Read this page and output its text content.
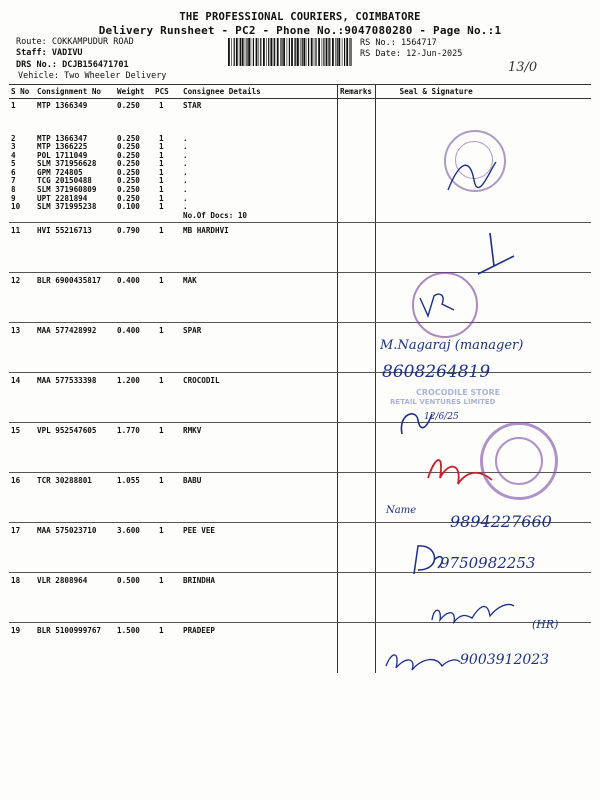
THE PROFESSIONAL COURIERS, COIMBATORE
Delivery Runsheet - PC2 - Phone No.:9047080280 - Page No.:1
Route: COKKAMPUDUR ROAD
Staff: VADIVU
DRS No.: DCJB156471701
Vehicle: Two Wheeler Delivery
RS No.: 1564717
RS Date: 12-Jun-2025
13/0
S No	Consignment No	Weight	PCS	Consignee Details	Remarks	Seal & Signature
1	MTP 1366349	0.250	1	STAR		
2	MTP 1366347	0.250	1	.		
3	MTP 1366225	0.250	1	.		
4	POL 1711049	0.250	1	.		
5	SLM 371956628	0.250	1	.		
6	GPM 724805	0.250	1	.		
7	TCG 20150488	0.250	1	.		
8	SLM 371960809	0.250	1	.		
9	UPT 2281894	0.250	1	.		
10	SLM 371995238	0.100	1	.		
				No.Of Docs: 10		
11	HVI 55216713	0.790	1	MB HARDHVI		
12	BLR 6900435817	0.400	1	MAK		
13	MAA 577428992	0.400	1	SPAR		
14	MAA 577533398	1.200	1	CROCODIL		
15	VPL 952547605	1.770	1	RMKV		
16	TCR 30288801	1.055	1	BABU		
17	MAA 575023710	3.600	1	PEE VEE		
18	VLR 2808964	0.500	1	BRINDHA		
19	BLR 5100999767	1.500	1	PRADEEP		
M.Nagaraj (manager)
8608264819
CROCODILE STORE
RETAIL VENTURES LIMITED
12/6/25
Name
9894227660
9750982253
(HR)
9003912023
